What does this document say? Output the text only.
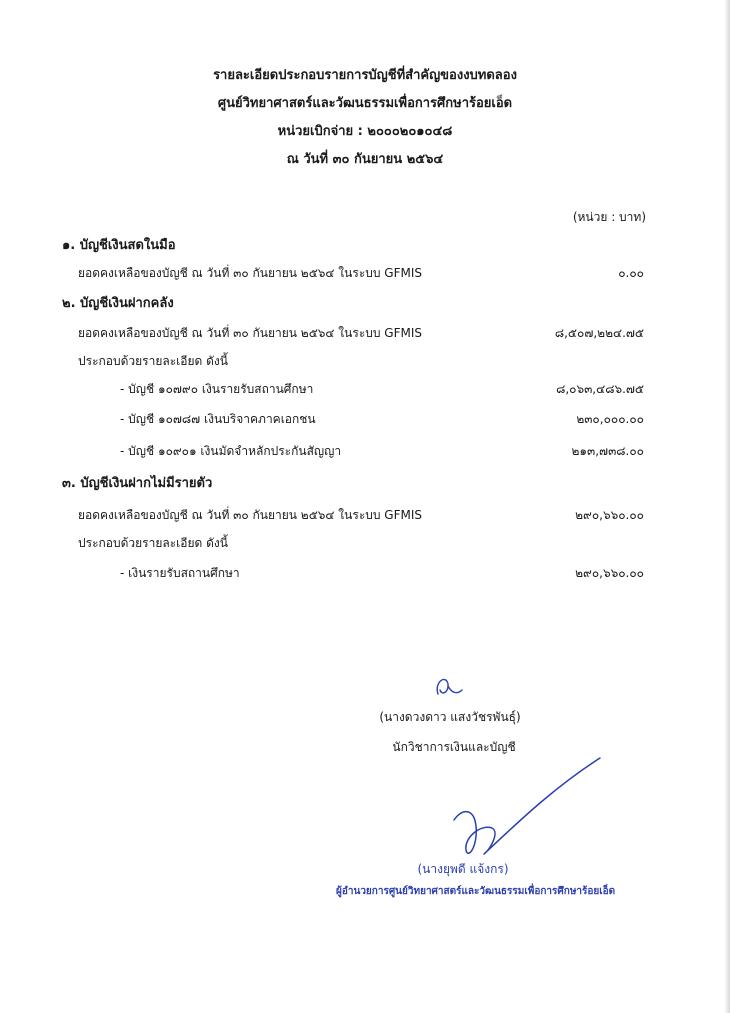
รายละเอียดประกอบรายการบัญชีที่สำคัญของงบทดลอง
ศูนย์วิทยาศาสตร์และวัฒนธรรมเพื่อการศึกษาร้อยเอ็ด
หน่วยเบิกจ่าย : ๒๐๐๐๒๐๑๐๔๘
ณ วันที่ ๓๐ กันยายน ๒๕๖๔
(หน่วย : บาท)
๑. บัญชีเงินสดในมือ
ยอดคงเหลือของบัญชี ณ วันที่ ๓๐ กันยายน ๒๕๖๔ ในระบบ GFMIS	๐.๐๐
๒. บัญชีเงินฝากคลัง
ยอดคงเหลือของบัญชี ณ วันที่ ๓๐ กันยายน ๒๕๖๔ ในระบบ GFMIS	๘,๕๐๗,๒๒๔.๗๕
ประกอบด้วยรายละเอียด ดังนี้
- บัญชี ๑๐๗๙๐ เงินรายรับสถานศึกษา	๘,๐๖๓,๔๘๖.๗๕
- บัญชี ๑๐๗๘๗ เงินบริจาคภาคเอกชน	๒๓๐,๐๐๐.๐๐
- บัญชี ๑๐๙๐๑ เงินมัดจำหลักประกันสัญญา	๒๑๓,๗๓๘.๐๐
๓. บัญชีเงินฝากไม่มีรายตัว
ยอดคงเหลือของบัญชี ณ วันที่ ๓๐ กันยายน ๒๕๖๔ ในระบบ GFMIS	๒๙๐,๖๖๐.๐๐
ประกอบด้วยรายละเอียด ดังนี้
- เงินรายรับสถานศึกษา	๒๙๐,๖๖๐.๐๐
(นางดวงดาว แสงวัชรพันธุ์)
นักวิชาการเงินและบัญชี
(นางยุพดี แจ้งกร)
ผู้อำนวยการศูนย์วิทยาศาสตร์และวัฒนธรรมเพื่อการศึกษาร้อยเอ็ด
